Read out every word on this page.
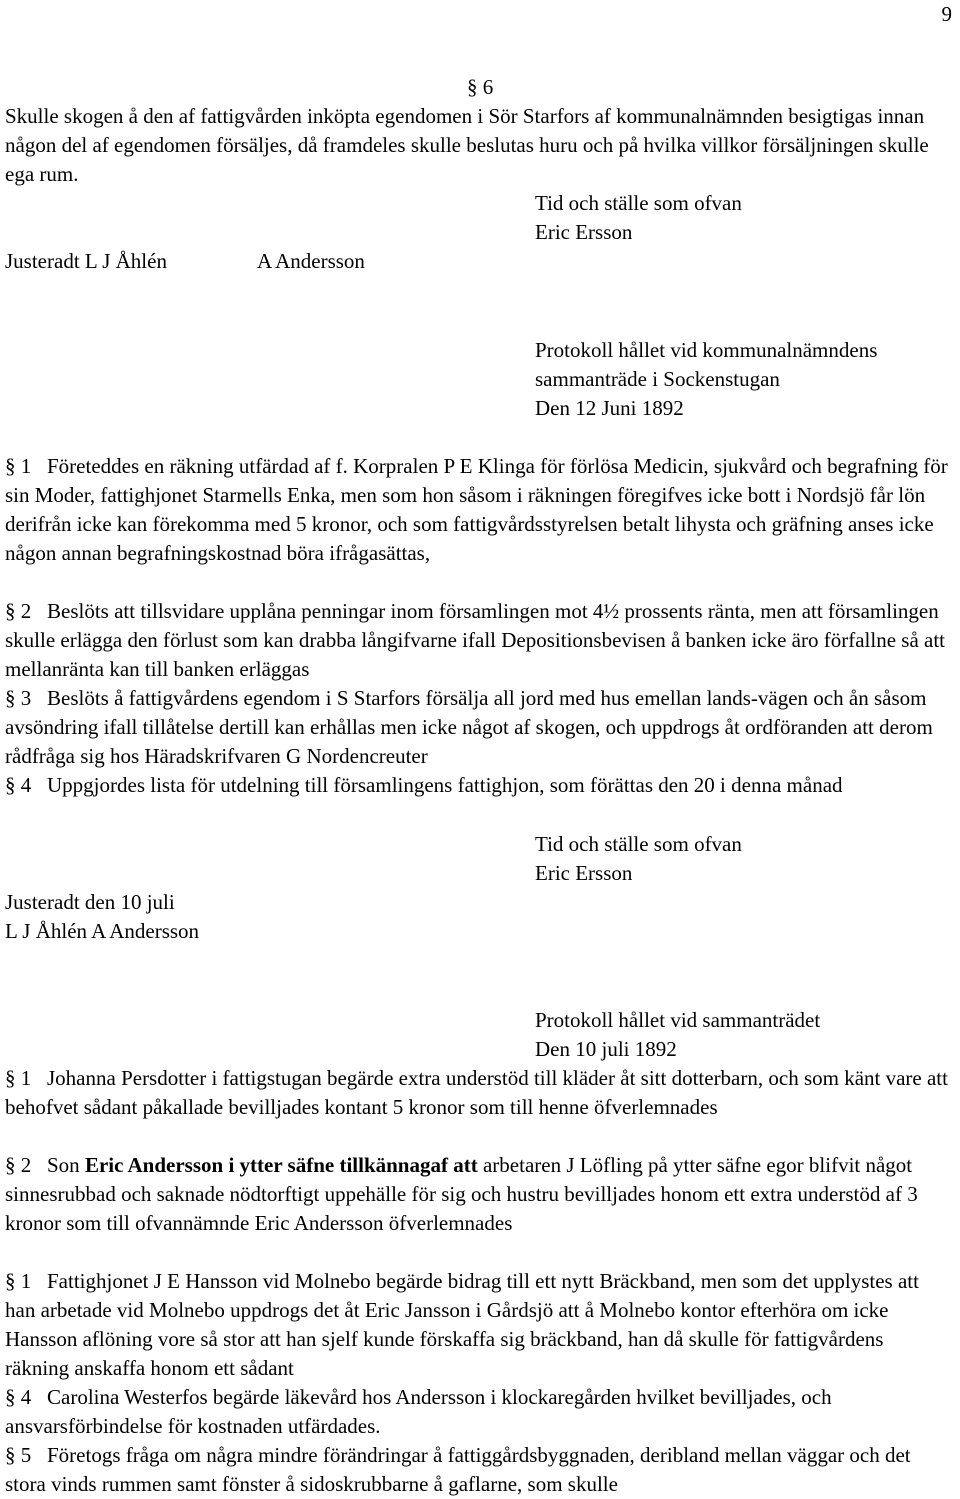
9
§ 6
Skulle skogen å den af fattigvården inköpta egendomen i Sör Starfors af kommunalnämnden besigtigas innan någon del af egendomen försäljes, då framdeles skulle beslutas huru och på hvilka villkor försäljningen skulle ega rum.
Tid och ställe som ofvan
Eric Ersson
Justeradt L J Åhlén	A Andersson
Protokoll hållet vid kommunalnämndens
sammanträde i Sockenstugan
Den 12 Juni 1892
§ 1 Företeddes en räkning utfärdad af f. Korpralen P E Klinga för förlösa Medicin, sjukvård och begrafning för sin Moder, fattighjonet Starmells Enka, men som hon såsom i räkningen föregifves icke bott i Nordsjö får lön derifrån icke kan förekomma med 5 kronor, och som fattigvårdsstyrelsen betalt lihysta och gräfning anses icke någon annan begrafningskostnad böra ifrågasättas,
§ 2 Beslöts att tillsvidare upplåna penningar inom församlingen mot 4½ prossents ränta, men att församlingen skulle erlägga den förlust som kan drabba långifvarne ifall Depositionsbevisen å banken icke äro förfallne så att mellanränta kan till banken erläggas
§ 3 Beslöts å fattigvårdens egendom i S Starfors försälja all jord med hus emellan lands-vägen och ån såsom avsöndring ifall tillåtelse dertill kan erhållas men icke något af skogen, och uppdrogs åt ordföranden att derom rådfråga sig hos Häradskrifvaren G Nordencreuter
§ 4 Uppgjordes lista för utdelning till församlingens fattighjon, som förättas den 20 i denna månad
Tid och ställe som ofvan
Eric Ersson
Justeradt den 10 juli
L J Åhlén A Andersson
Protokoll hållet vid sammanträdet
Den 10 juli 1892
§ 1 Johanna Persdotter i fattigstugan begärde extra understöd till kläder åt sitt dotterbarn, och som känt vare att behofvet sådant påkallade bevilljades kontant 5 kronor som till henne öfverlemnades
§ 2 Son Eric Andersson i ytter säfne tillkännagaf att arbetaren J Löfling på ytter säfne egor blifvit något sinnesrubbad och saknade nödtorftigt uppehälle för sig och hustru bevilljades honom ett extra understöd af 3 kronor som till ofvannämnde Eric Andersson öfverlemnades
§ 1 Fattighjonet J E Hansson vid Molnebo begärde bidrag till ett nytt Bräckband, men som det upplystes att han arbetade vid Molnebo uppdrogs det åt Eric Jansson i Gårdsjö att å Molnebo kontor efterhöra om icke Hansson aflöning vore så stor att han sjelf kunde förskaffa sig bräckband, han då skulle för fattigvårdens räkning anskaffa honom ett sådant
§ 4 Carolina Westerfos begärde läkevård hos Andersson i klockaregården hvilket bevilljades, och ansvarsförbindelse för kostnaden utfärdades.
§ 5 Företogs fråga om några mindre förändringar å fattiggårdsbyggnaden, deribland mellan väggar och det stora vinds rummen samt fönster å sidoskrubbarne å gaflarne, som skulle
